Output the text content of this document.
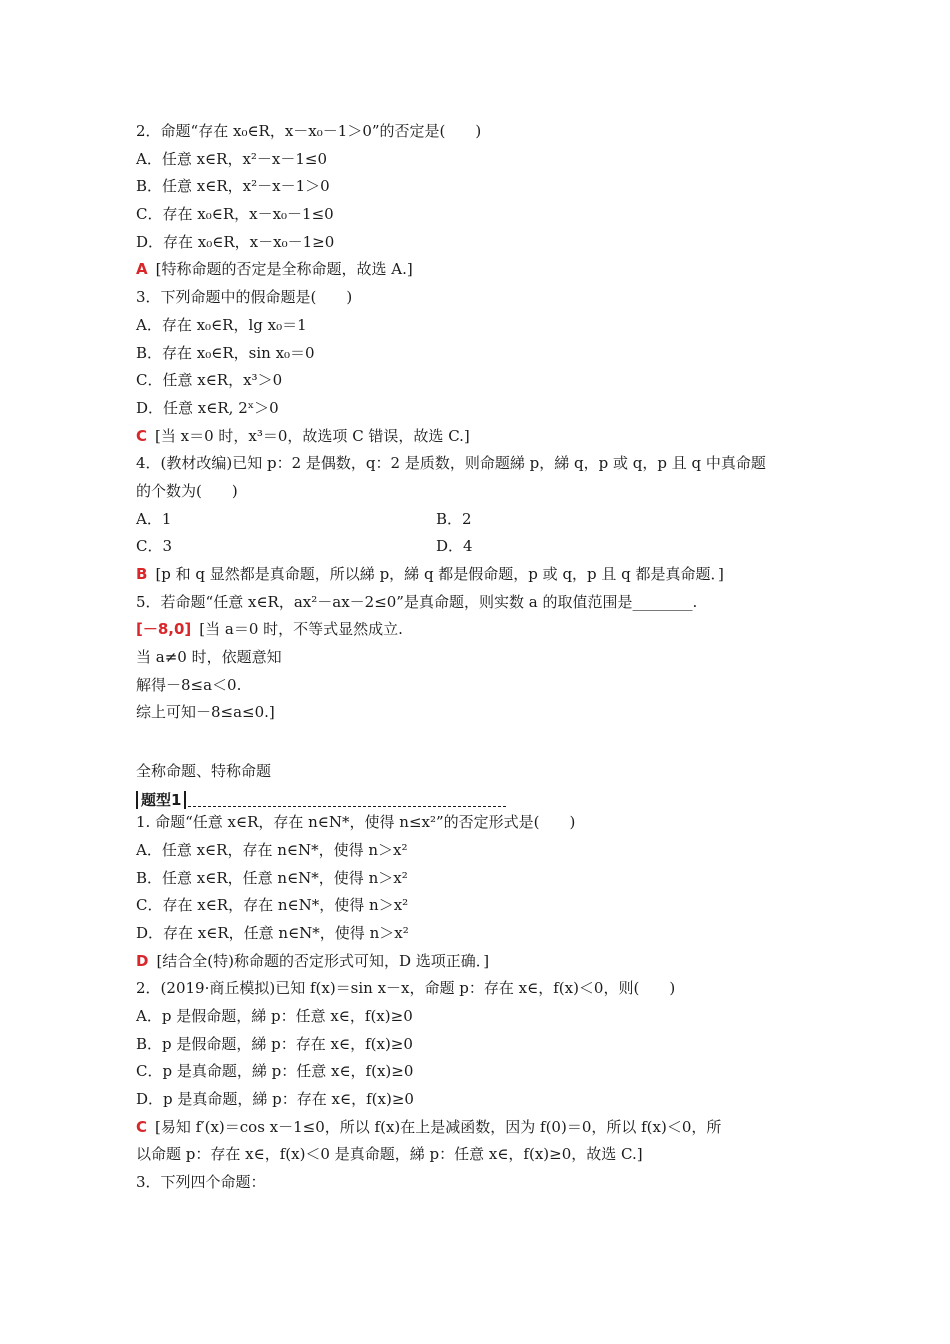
2．命题“存在 x₀∈R，x－x₀－1＞0”的否定是(　　)
A．任意 x∈R，x²－x－1≤0
B．任意 x∈R，x²－x－1＞0
C．存在 x₀∈R，x－x₀－1≤0
D．存在 x₀∈R，x－x₀－1≥0
A [特称命题的否定是全称命题，故选 A.]
3．下列命题中的假命题是(　　)
A．存在 x₀∈R，lg x₀＝1
B．存在 x₀∈R，sin x₀＝0
C．任意 x∈R，x³＞0
D．任意 x∈R, 2ˣ＞0
C [当 x＝0 时，x³＝0，故选项 C 错误，故选 C.]
4．(教材改编)已知 p：2 是偶数，q：2 是质数，则命题綈 p，綈 q，p 或 q，p 且 q 中真命题
的个数为(　　)
A．1	B．2
C．3	D．4
B [p 和 q 显然都是真命题，所以綈 p，綈 q 都是假命题，p 或 q，p 且 q 都是真命题．]
5．若命题“任意 x∈R，ax²－ax－2≤0”是真命题，则实数 a 的取值范围是________.
[－8,0] [当 a＝0 时，不等式显然成立.
当 a≠0 时，依题意知
解得－8≤a＜0.
综上可知－8≤a≤0.]
全称命题、特称命题
题型1
1. 命题“任意 x∈R，存在 n∈N*，使得 n≤x²”的否定形式是(　　)
A．任意 x∈R，存在 n∈N*，使得 n＞x²
B．任意 x∈R，任意 n∈N*，使得 n＞x²
C．存在 x∈R，存在 n∈N*，使得 n＞x²
D．存在 x∈R，任意 n∈N*，使得 n＞x²
D [结合全(特)称命题的否定形式可知，D 选项正确．]
2．(2019·商丘模拟)已知 f(x)＝sin x－x，命题 p：存在 x∈，f(x)＜0，则(　　)
A．p 是假命题，綈 p：任意 x∈，f(x)≥0
B．p 是假命题，綈 p：存在 x∈，f(x)≥0
C．p 是真命题，綈 p：任意 x∈，f(x)≥0
D．p 是真命题，綈 p：存在 x∈，f(x)≥0
C [易知 f′(x)＝cos x－1≤0，所以 f(x)在上是减函数，因为 f(0)＝0，所以 f(x)＜0，所
以命题 p：存在 x∈，f(x)＜0 是真命题，綈 p：任意 x∈，f(x)≥0，故选 C.]
3．下列四个命题：
